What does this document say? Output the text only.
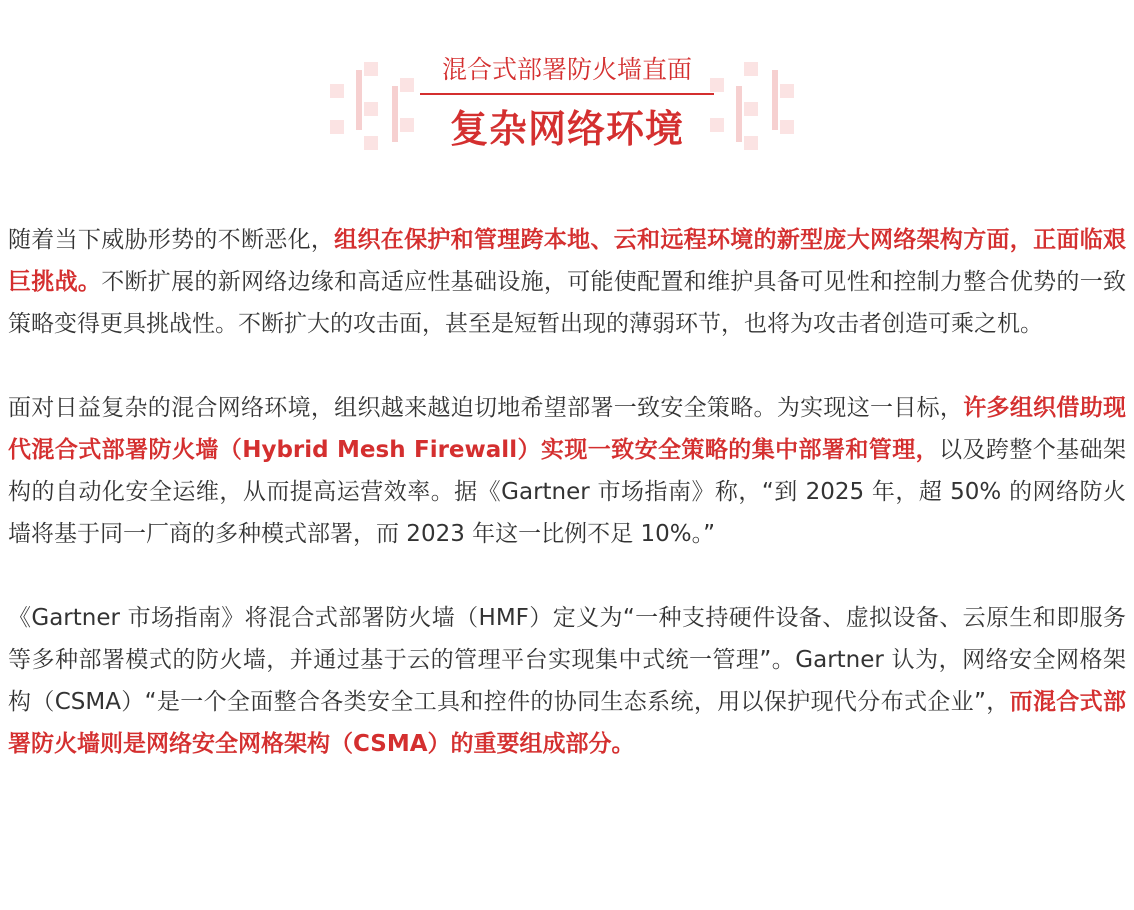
混合式部署防火墙直面
复杂网络环境

随着当下威胁形势的不断恶化，组织在保护和管理跨本地、云和远程环境的新型庞大网络架构方面，正面临艰巨挑战。不断扩展的新网络边缘和高适应性基础设施，可能使配置和维护具备可见性和控制力整合优势的一致策略变得更具挑战性。不断扩大的攻击面，甚至是短暂出现的薄弱环节，也将为攻击者创造可乘之机。

面对日益复杂的混合网络环境，组织越来越迫切地希望部署一致安全策略。为实现这一目标，许多组织借助现代混合式部署防火墙（Hybrid Mesh Firewall）实现一致安全策略的集中部署和管理，以及跨整个基础架构的自动化安全运维，从而提高运营效率。据《Gartner 市场指南》称，“到 2025 年，超 50% 的网络防火墙将基于同一厂商的多种模式部署，而 2023 年这一比例不足 10%。”

《Gartner 市场指南》将混合式部署防火墙（HMF）定义为“一种支持硬件设备、虚拟设备、云原生和即服务等多种部署模式的防火墙，并通过基于云的管理平台实现集中式统一管理”。Gartner 认为，网络安全网格架构（CSMA）“是一个全面整合各类安全工具和控件的协同生态系统，用以保护现代分布式企业”，而混合式部署防火墙则是网络安全网格架构（CSMA）的重要组成部分。
